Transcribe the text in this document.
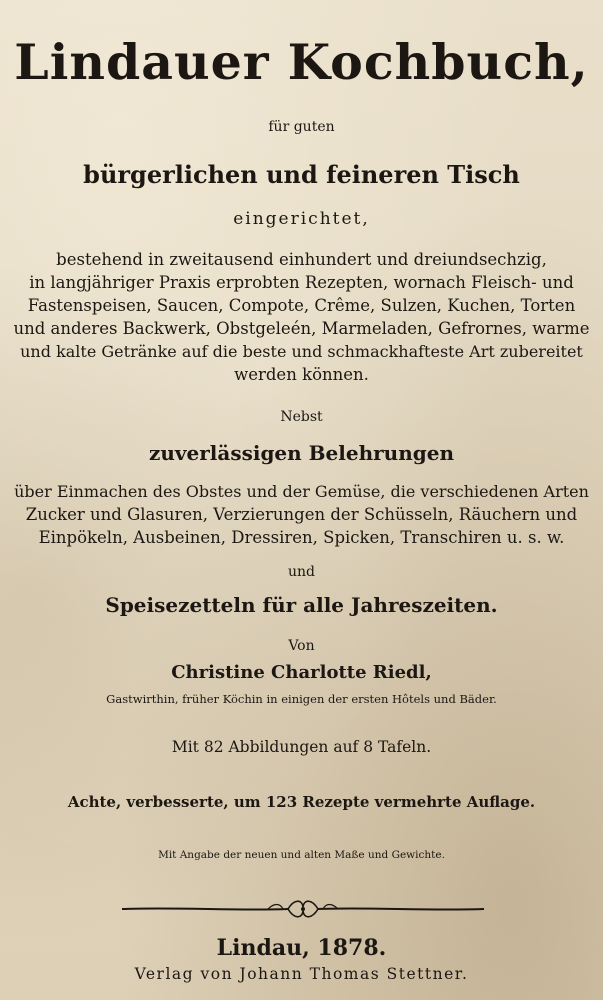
Lindauer Kochbuch,
für guten
bürgerlichen und feineren Tisch
eingerichtet,
bestehend in zweitausend einhundert und dreiundsechzig,
in langjähriger Praxis erprobten Rezepten, wornach Fleisch- und
Fastenspeisen, Saucen, Compote, Crême, Sulzen, Kuchen, Torten
und anderes Backwerk, Obstgeleén, Marmeladen, Gefrornes, warme
und kalte Getränke auf die beste und schmackhafteste Art zubereitet
werden können.
Nebst
zuverlässigen Belehrungen
über Einmachen des Obstes und der Gemüse, die verschiedenen Arten
Zucker und Glasuren, Verzierungen der Schüsseln, Räuchern und
Einpökeln, Ausbeinen, Dressiren, Spicken, Transchiren u. s. w.
und
Speisezetteln für alle Jahreszeiten.
Von
Christine Charlotte Riedl,
Gastwirthin, früher Köchin in einigen der ersten Hôtels und Bäder.
Mit 82 Abbildungen auf 8 Tafeln.
Achte, verbesserte, um 123 Rezepte vermehrte Auflage.
Mit Angabe der neuen und alten Maße und Gewichte.
Lindau, 1878.
Verlag von Johann Thomas Stettner.
